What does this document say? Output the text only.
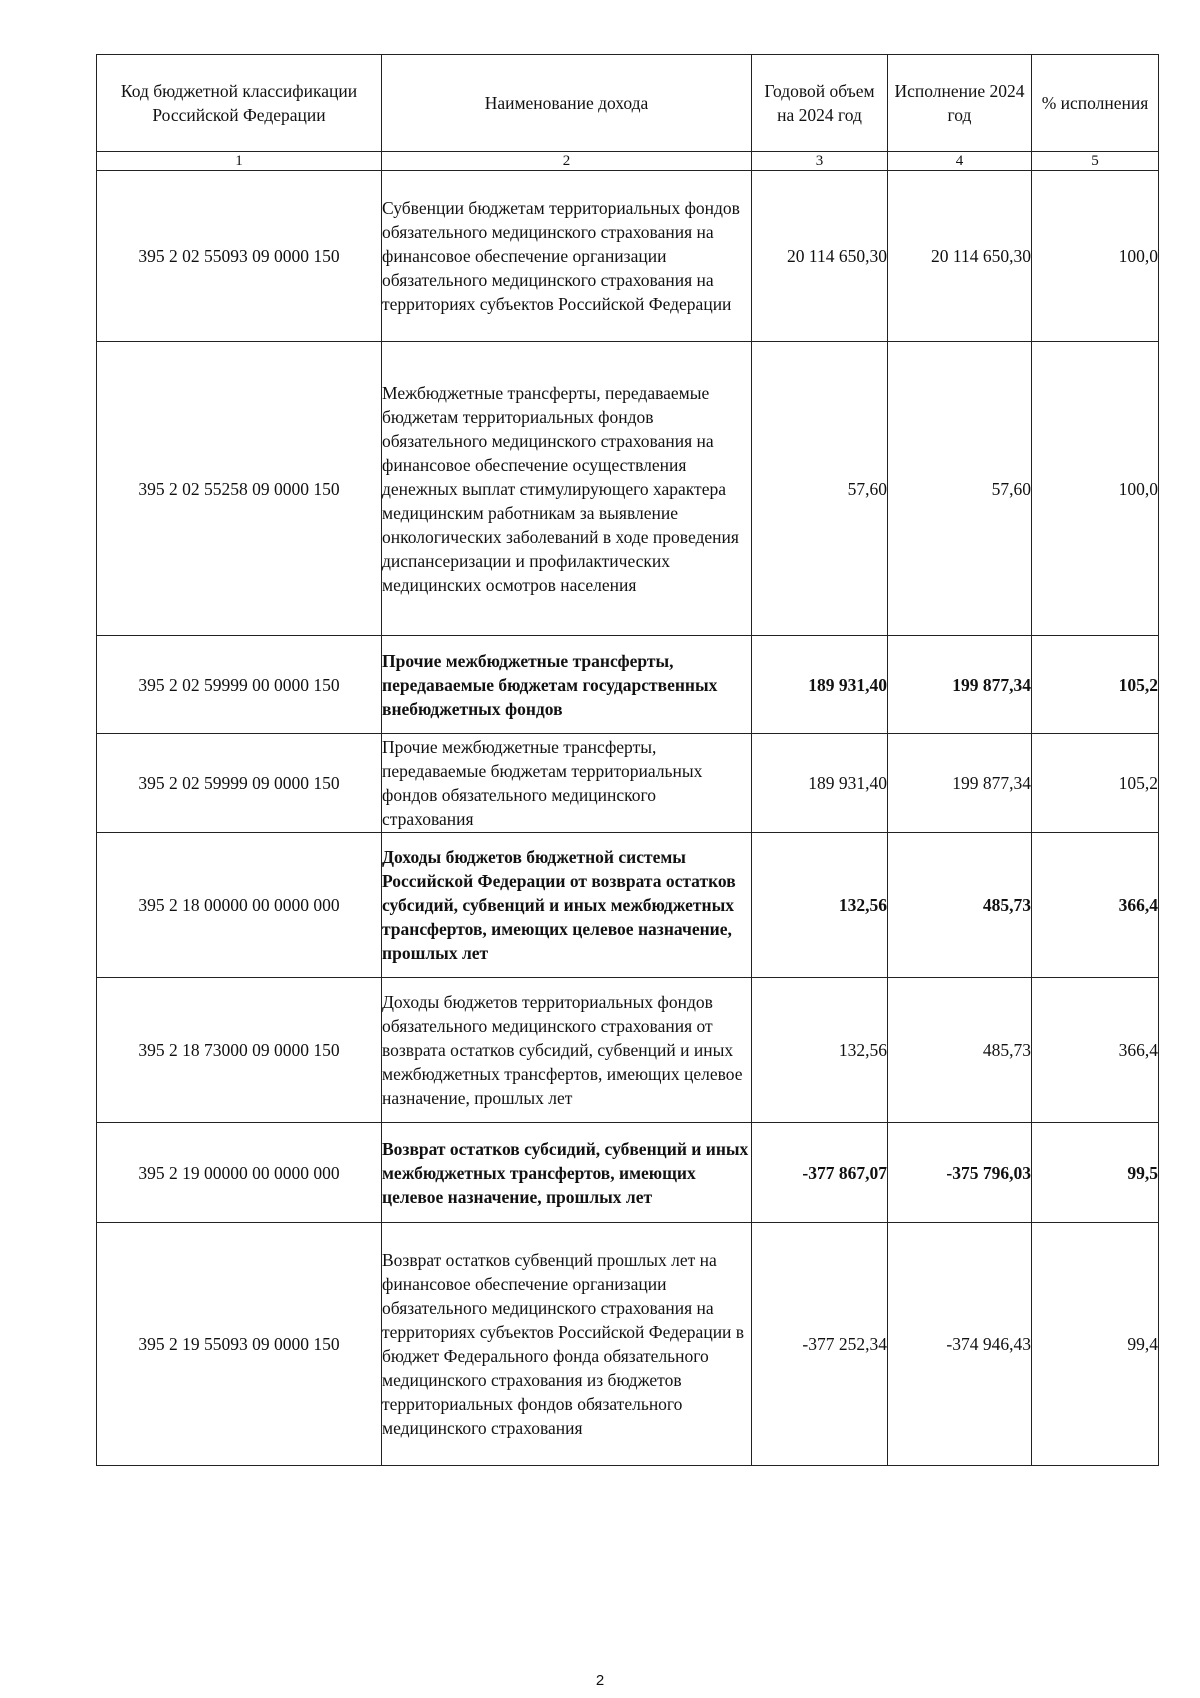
Код бюджетной классификации Российской Федерации	Наименование дохода	Годовой объем на 2024 год	Исполнение 2024 год	% исполнения
1	2	3	4	5
395 2 02 55093 09 0000 150	Субвенции бюджетам территориальных фондов обязательного медицинского страхования на финансовое обеспечение организации обязательного медицинского страхования на территориях субъектов Российской Федерации	20 114 650,30	20 114 650,30	100,0
395 2 02 55258 09 0000 150	Межбюджетные трансферты, передаваемые бюджетам территориальных фондов обязательного медицинского страхования на финансовое обеспечение осуществления денежных выплат стимулирующего характера медицинским работникам за выявление онкологических заболеваний в ходе проведения диспансеризации и профилактических медицинских осмотров населения	57,60	57,60	100,0
395 2 02 59999 00 0000 150	Прочие межбюджетные трансферты, передаваемые бюджетам государственных внебюджетных фондов	189 931,40	199 877,34	105,2
395 2 02 59999 09 0000 150	Прочие межбюджетные трансферты, передаваемые бюджетам территориальных фондов обязательного медицинского страхования	189 931,40	199 877,34	105,2
395 2 18 00000 00 0000 000	Доходы бюджетов бюджетной системы Российской Федерации от возврата остатков субсидий, субвенций и иных межбюджетных трансфертов, имеющих целевое назначение, прошлых лет	132,56	485,73	366,4
395 2 18 73000 09 0000 150	Доходы бюджетов территориальных фондов обязательного медицинского страхования от возврата остатков субсидий, субвенций и иных межбюджетных трансфертов, имеющих целевое назначение, прошлых лет	132,56	485,73	366,4
395 2 19 00000 00 0000 000	Возврат остатков субсидий, субвенций и иных межбюджетных трансфертов, имеющих целевое назначение, прошлых лет	-377 867,07	-375 796,03	99,5
395 2 19 55093 09 0000 150	Возврат остатков субвенций прошлых лет на финансовое обеспечение организации обязательного медицинского страхования на территориях субъектов Российской Федерации в бюджет Федерального фонда обязательного медицинского страхования из бюджетов территориальных фондов обязательного медицинского страхования	-377 252,34	-374 946,43	99,4
2
